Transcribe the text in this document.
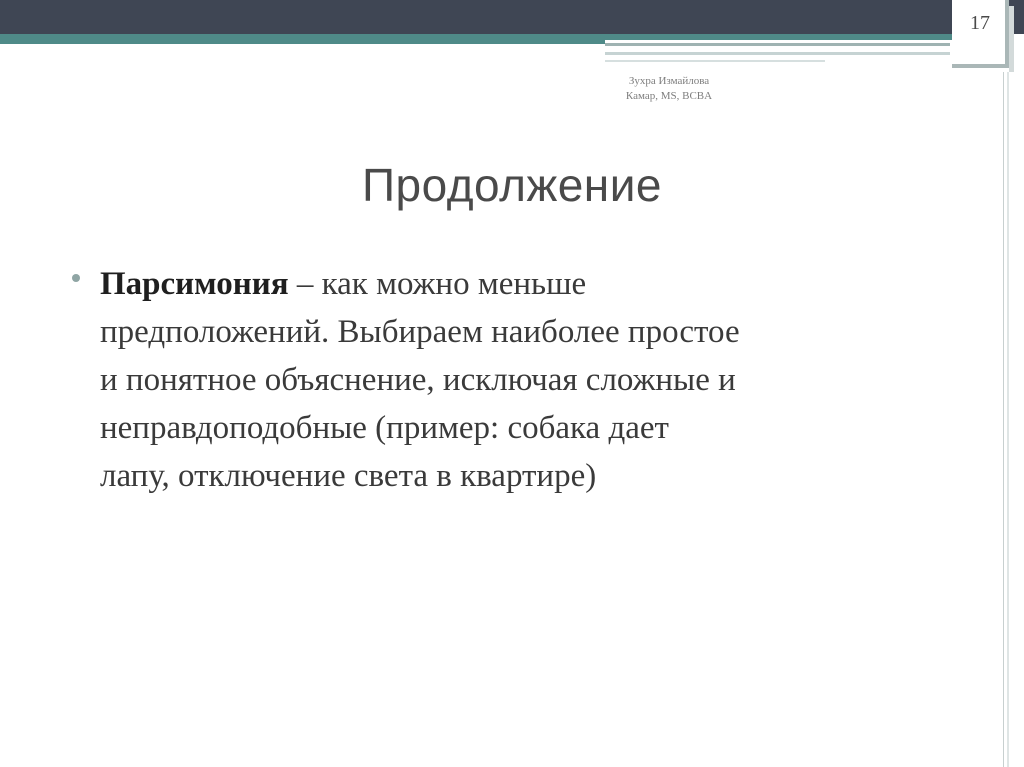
17
Зухра Измайлова
Камар, MS, BCBA
Продолжение
Парсимония – как можно меньше
предположений. Выбираем наиболее простое
и понятное объяснение, исключая сложные и
неправдоподобные (пример: собака дает
лапу, отключение света в квартире)
